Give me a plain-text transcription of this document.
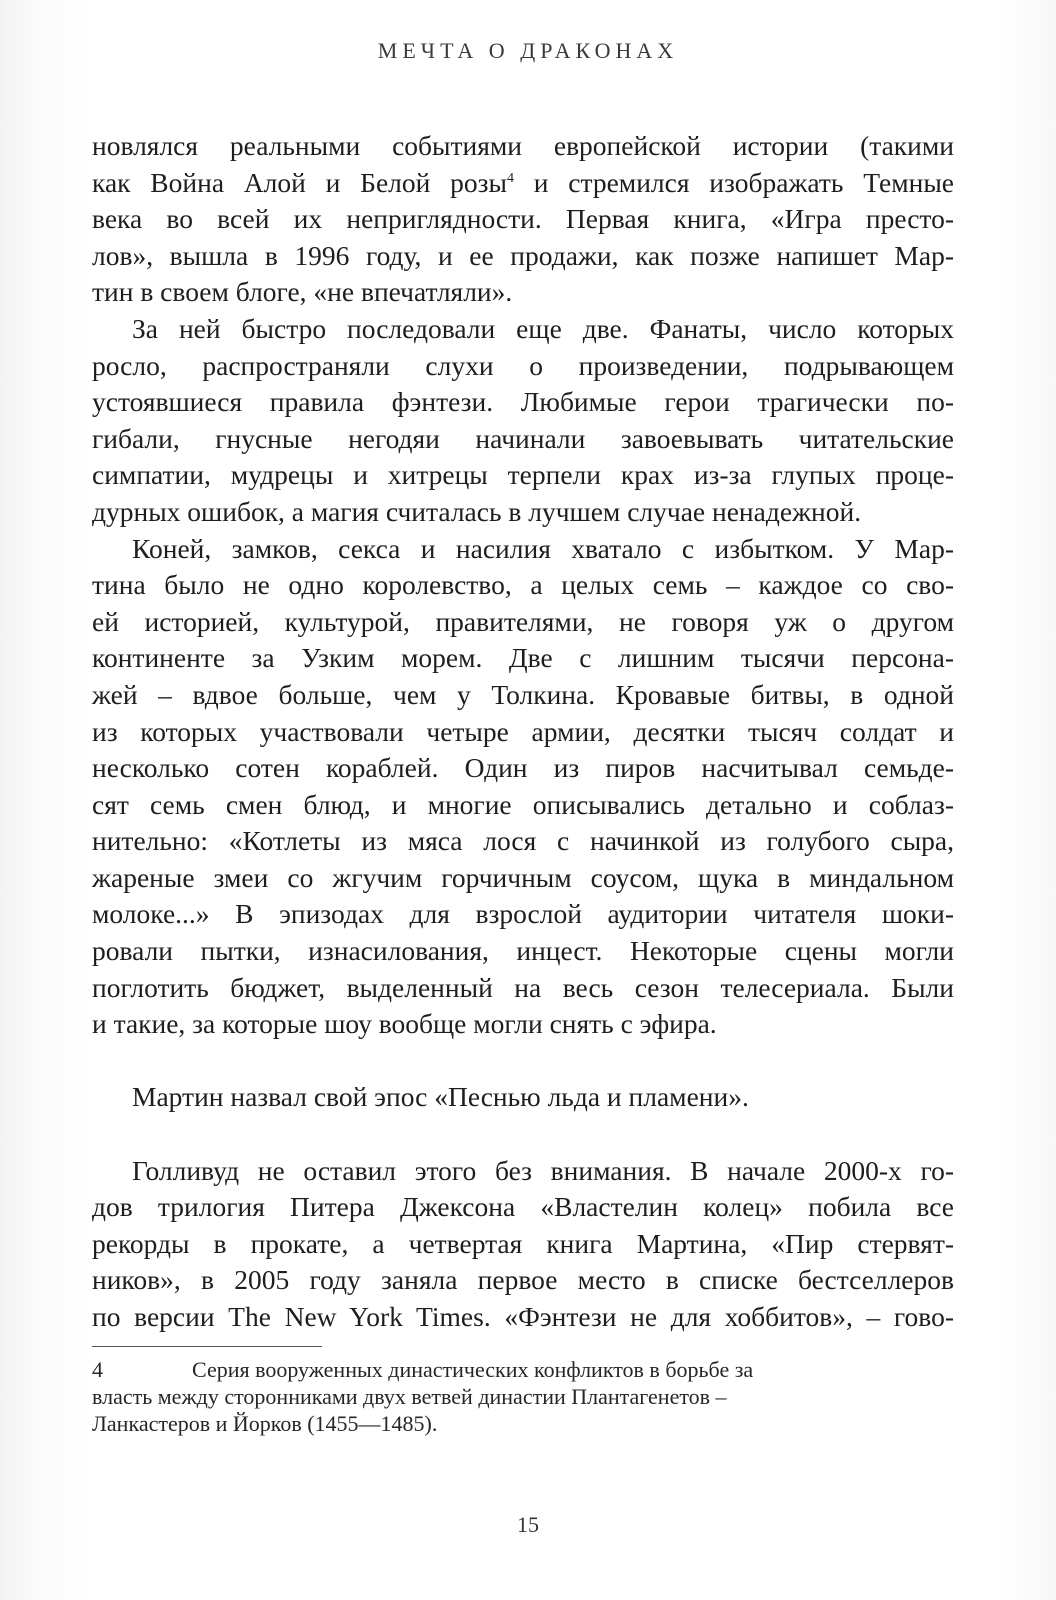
МЕЧТА О ДРАКОНАХ
новлялся реальными событиями европейской истории (такими
как Война Алой и Белой розы$^4$ и стремился изображать Темные
века во всей их неприглядности. Первая книга, «Игра престо-
лов», вышла в 1996 году, и ее продажи, как позже напишет Мар-
тин в своем блоге, «не впечатляли».
За ней быстро последовали еще две. Фанаты, число которых
росло, распространяли слухи о произведении, подрывающем
устоявшиеся правила фэнтези. Любимые герои трагически по-
гибали, гнусные негодяи начинали завоевывать читательские
симпатии, мудрецы и хитрецы терпели крах из-за глупых проце-
дурных ошибок, а магия считалась в лучшем случае ненадежной.
Коней, замков, секса и насилия хватало с избытком. У Мар-
тина было не одно королевство, а целых семь – каждое со сво-
ей историей, культурой, правителями, не говоря уж о другом
континенте за Узким морем. Две с лишним тысячи персона-
жей – вдвое больше, чем у Толкина. Кровавые битвы, в одной
из которых участвовали четыре армии, десятки тысяч солдат и
несколько сотен кораблей. Один из пиров насчитывал семьде-
сят семь смен блюд, и многие описывались детально и соблаз-
нительно: «Котлеты из мяса лося с начинкой из голубого сыра,
жареные змеи со жгучим горчичным соусом, щука в миндальном
молоке...» В эпизодах для взрослой аудитории читателя шоки-
ровали пытки, изнасилования, инцест. Некоторые сцены могли
поглотить бюджет, выделенный на весь сезон телесериала. Были
и такие, за которые шоу вообще могли снять с эфира.
Мартин назвал свой эпос «Песнью льда и пламени».
Голливуд не оставил этого без внимания. В начале 2000-х го-
дов трилогия Питера Джексона «Властелин колец» побила все
рекорды в прокате, а четвертая книга Мартина, «Пир стервят-
ников», в 2005 году заняла первое место в списке бестселлеров
по версии The New York Times. «Фэнтези не для хоббитов», – гово-
4	Серия вооруженных династических конфликтов в борьбе за
власть между сторонниками двух ветвей династии Плантагенетов –
Ланкастеров и Йорков (1455—1485).
15
